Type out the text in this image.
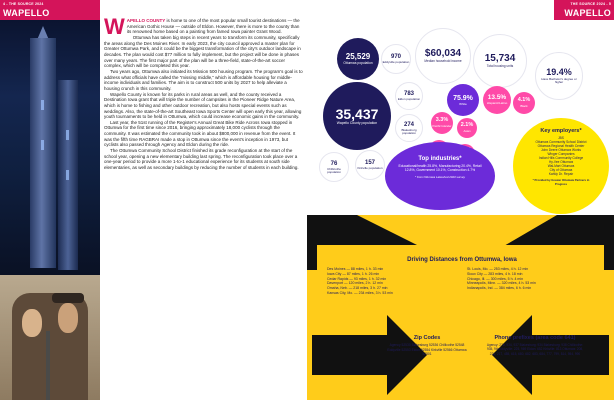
4 - THE SOURCE 2024
WAPELLO

WAPELLO COUNTY is home to one of the most popular small tourist destinations — the American Gothic House — outside of Eldon. However, there is more to the county than its renowned home based on a painting from famed Iowa painter Grant Wood.

Ottumwa has taken big steps in recent years to transform its community, specifically the areas along the Des Moines River. In early 2023, the city council approved a master plan for Greater Ottumwa Park, and it could be the biggest transformation of the city's outdoor landscape in decades. The plan would cost $77 million to fully implement, but the project will be done in phases over many years. The first major part of the plan will be a three-field, state-of-the-art soccer complex, which will be completed this year.

Two years ago, Ottumwa also initiated its Mission 500 housing program. The program's goal is to address what officials have called the "missing middle," which is affordable housing for middle-income individuals and families. The aim is to construct 500 units by 2027 to help alleviate a housing crunch in this community.

Wapello County is known for its parks in rural areas as well, and the county received a Destination Iowa grant that will triple the number of campsites in the Pioneer Ridge Nature Area, which is home to fishing and other outdoor recreation, but also hosts special events such as weddings. Also, the state-of-the-art Southeast Iowa Sports Center will open early this year, allowing youth tournaments to be held in Ottumwa, which could increase economic gains in the community.

Last year, the 51st running of the Register's Annual Great Bike Ride Across Iowa stopped in Ottumwa for the first time since 2016, bringing approximately 18,000 cyclists through the community. It was estimated the community took in about $800,000 in revenue from the event. It was the fifth time RAGBRAI made a stop in Ottumwa since the event's inception in 1973, but cyclists also passed through Agency and Eldon during the ride.

The Ottumwa Community School District finished its grade reconfiguration at the start of the school year, opening a new elementary building last spring. The reconfiguration took place over a one-year period to provide a more 1-to-1 educational experience for its students at south side elementaries, as well as secondary buildings by reducing the number of students in each building.

THE SOURCE 2024 - 5
WAPELLO
25,529
Ottumwa population
970
Eddyville population
$60,034
Median household income 15,734
Total housing units
19.4%
Have Bachelor's degree or higher
783
Eldon population	75.9%
White
13.5%
Hispanic/Latino 4.1%
Black
35,437
Wapello County population	3.3%
Pacific Islander 2.1%
Asian
274
Blakesburg population
76
Chillicothe population
157
Kirkville population
Top industries*
Educational/health 25.8%, Manufacturing 20.4%, Retail 12.8%, Government 10.1%, Construction 4.7%
* from Ottumwa Lakeshed 2023 survey
Key employers*
JBS
Ottumwa Community School District
Ottumwa Regional Health Center
John Deere Ottumwa Works
Winger Companies
Indian Hills Community College
Hy-Vee Ottumwa
Wal-Mart Ottumwa
City of Ottumwa
Kwikly Dr. Repair
* Provided by Greater Ottumwa Partners in Progress
Driving Distances from Ottumwa, Iowa
Des Moines — 88 miles, 1 h. 33 min
Iowa City — 87 miles, 1 h. 26 min
Cedar Rapids — 93 miles, 1 h. 32 min
Davenport — 120 miles, 2 h. 12 min
Omaha, Neb. — 218 miles, 3 h. 27 min
Kansas City, Mo. — 234 miles, 3 h. 53 min
St. Louis, Mo. — 253 miles, 4 h. 12 min
Sioux City — 283 miles, 4 h. 18 min
Chicago, Ill. — 300 miles, 5 h. 4 min
Minneapolis, Minn. — 320 miles, 4 h. 53 min
Indianapolis, Ind. — 384 miles, 6 h. 6 min
Zip Codes
Agency 52530 Blakesburg 52536 Chillicothe 52548 Eddyville 52553 Eldon 52554 Kirkville 52566 Ottumwa 52501
Phone prefixes (area code 641)
Agency: 278, 934, 937 Blakesburg: 934 Blakesburg: 938 Chillicothe: 935, 9th Eddyville: 225, 969 Eldon: 652 Kirkville: 813 Ottumwa: 208, 226, 217, 455, 615, 680, 682, 683, 684, 777, 799, 814, 954, 990
